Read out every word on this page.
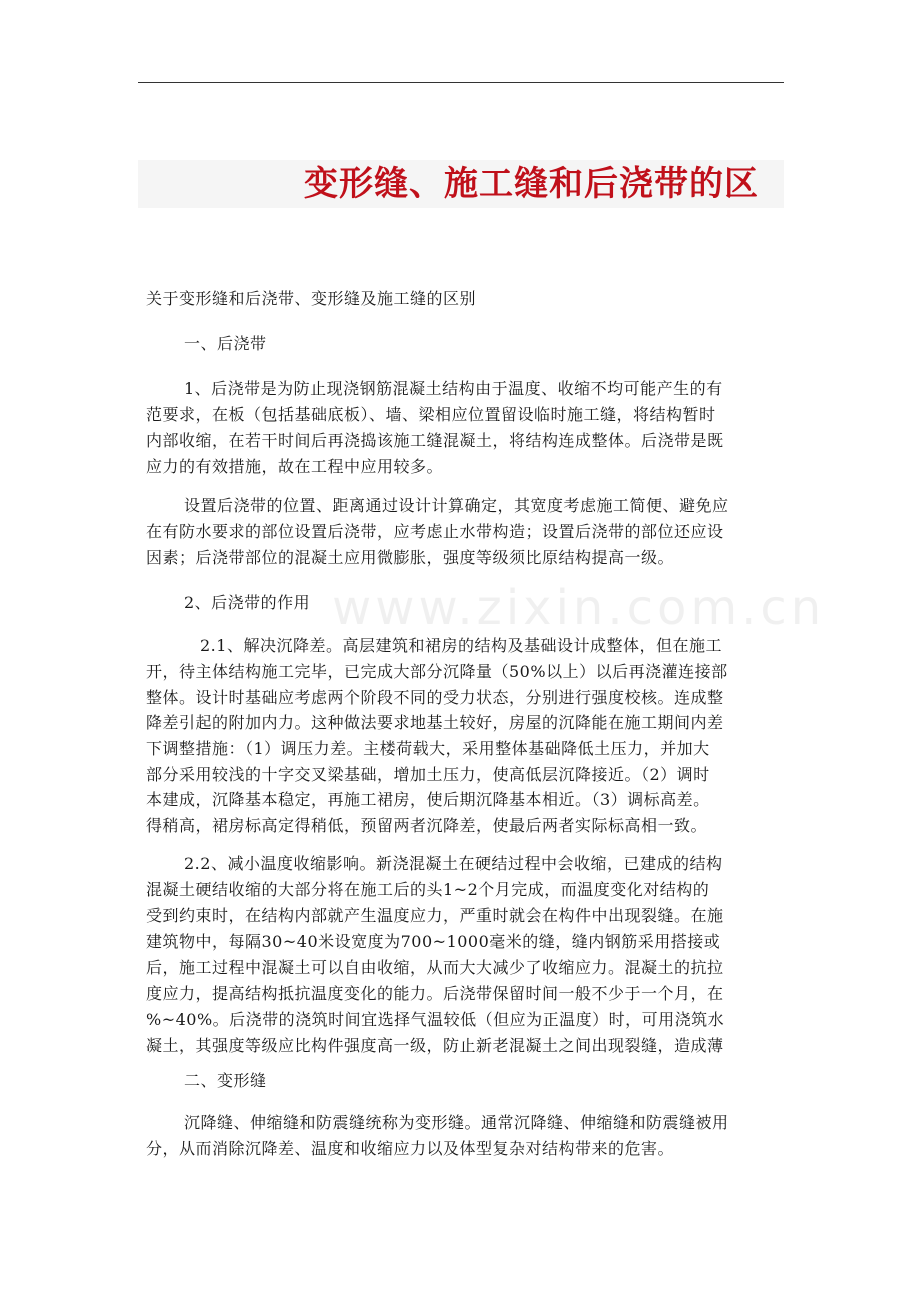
变形缝、施工缝和后浇带的区
www.zixin.com.cn
关于变形缝和后浇带、变形缝及施工缝的区别
一、后浇带
1、后浇带是为防止现浇钢筋混凝土结构由于温度、收缩不均可能产生的有
范要求，在板（包括基础底板）、墙、梁相应位置留设临时施工缝，将结构暂时
内部收缩，在若干时间后再浇捣该施工缝混凝土，将结构连成整体。后浇带是既
应力的有效措施，故在工程中应用较多。
设置后浇带的位置、距离通过设计计算确定，其宽度考虑施工简便、避免应
在有防水要求的部位设置后浇带，应考虑止水带构造；设置后浇带的部位还应设
因素；后浇带部位的混凝土应用微膨胀，强度等级须比原结构提高一级。
2、后浇带的作用
2.1、解决沉降差。高层建筑和裙房的结构及基础设计成整体，但在施工
开，待主体结构施工完毕，已完成大部分沉降量（50%以上）以后再浇灌连接部
整体。设计时基础应考虑两个阶段不同的受力状态，分别进行强度校核。连成整
降差引起的附加内力。这种做法要求地基土较好，房屋的沉降能在施工期间内差
下调整措施：（1）调压力差。主楼荷载大，采用整体基础降低土压力，并加大
部分采用较浅的十字交叉梁基础，增加土压力，使高低层沉降接近。（2）调时
本建成，沉降基本稳定，再施工裙房，使后期沉降基本相近。（3）调标高差。
得稍高，裙房标高定得稍低，预留两者沉降差，使最后两者实际标高相一致。
2.2、减小温度收缩影响。新浇混凝土在硬结过程中会收缩，已建成的结构
混凝土硬结收缩的大部分将在施工后的头1~2个月完成，而温度变化对结构的
受到约束时，在结构内部就产生温度应力，严重时就会在构件中出现裂缝。在施
建筑物中，每隔30~40米设宽度为700~1000毫米的缝，缝内钢筋采用搭接或
后，施工过程中混凝土可以自由收缩，从而大大减少了收缩应力。混凝土的抗拉
度应力，提高结构抵抗温度变化的能力。后浇带保留时间一般不少于一个月，在
%~40%。后浇带的浇筑时间宜选择气温较低（但应为正温度）时，可用浇筑水
凝土，其强度等级应比构件强度高一级，防止新老混凝土之间出现裂缝，造成薄
二、变形缝
沉降缝、伸缩缝和防震缝统称为变形缝。通常沉降缝、伸缩缝和防震缝被用
分，从而消除沉降差、温度和收缩应力以及体型复杂对结构带来的危害。
